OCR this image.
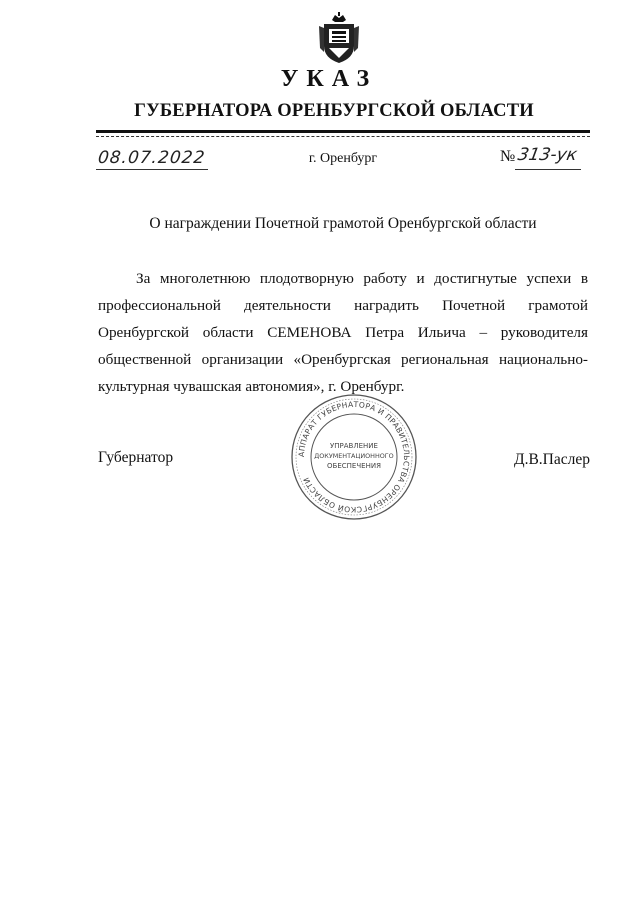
УКАЗ
ГУБЕРНАТОРА ОРЕНБУРГСКОЙ ОБЛАСТИ
08.07.2022	г. Оренбург	№ 313-ук
О награждении Почетной грамотой Оренбургской области
За многолетнюю плодотворную работу и достигнутые успехи в профессиональной деятельности наградить Почетной грамотой Оренбургской области СЕМЕНОВА Петра Ильича – руководителя общественной организации «Оренбургская региональная национально-культурная чувашская автономия», г. Оренбург.
Губернатор	Д.В.Паслер
АППАРАТ ГУБЕРНАТОРА И ПРАВИТЕЛЬСТВА ОРЕНБУРГСКОЙ ОБЛАСТИ
УПРАВЛЕНИЕ
ДОКУМЕНТАЦИОННОГО
ОБЕСПЕЧЕНИЯ
